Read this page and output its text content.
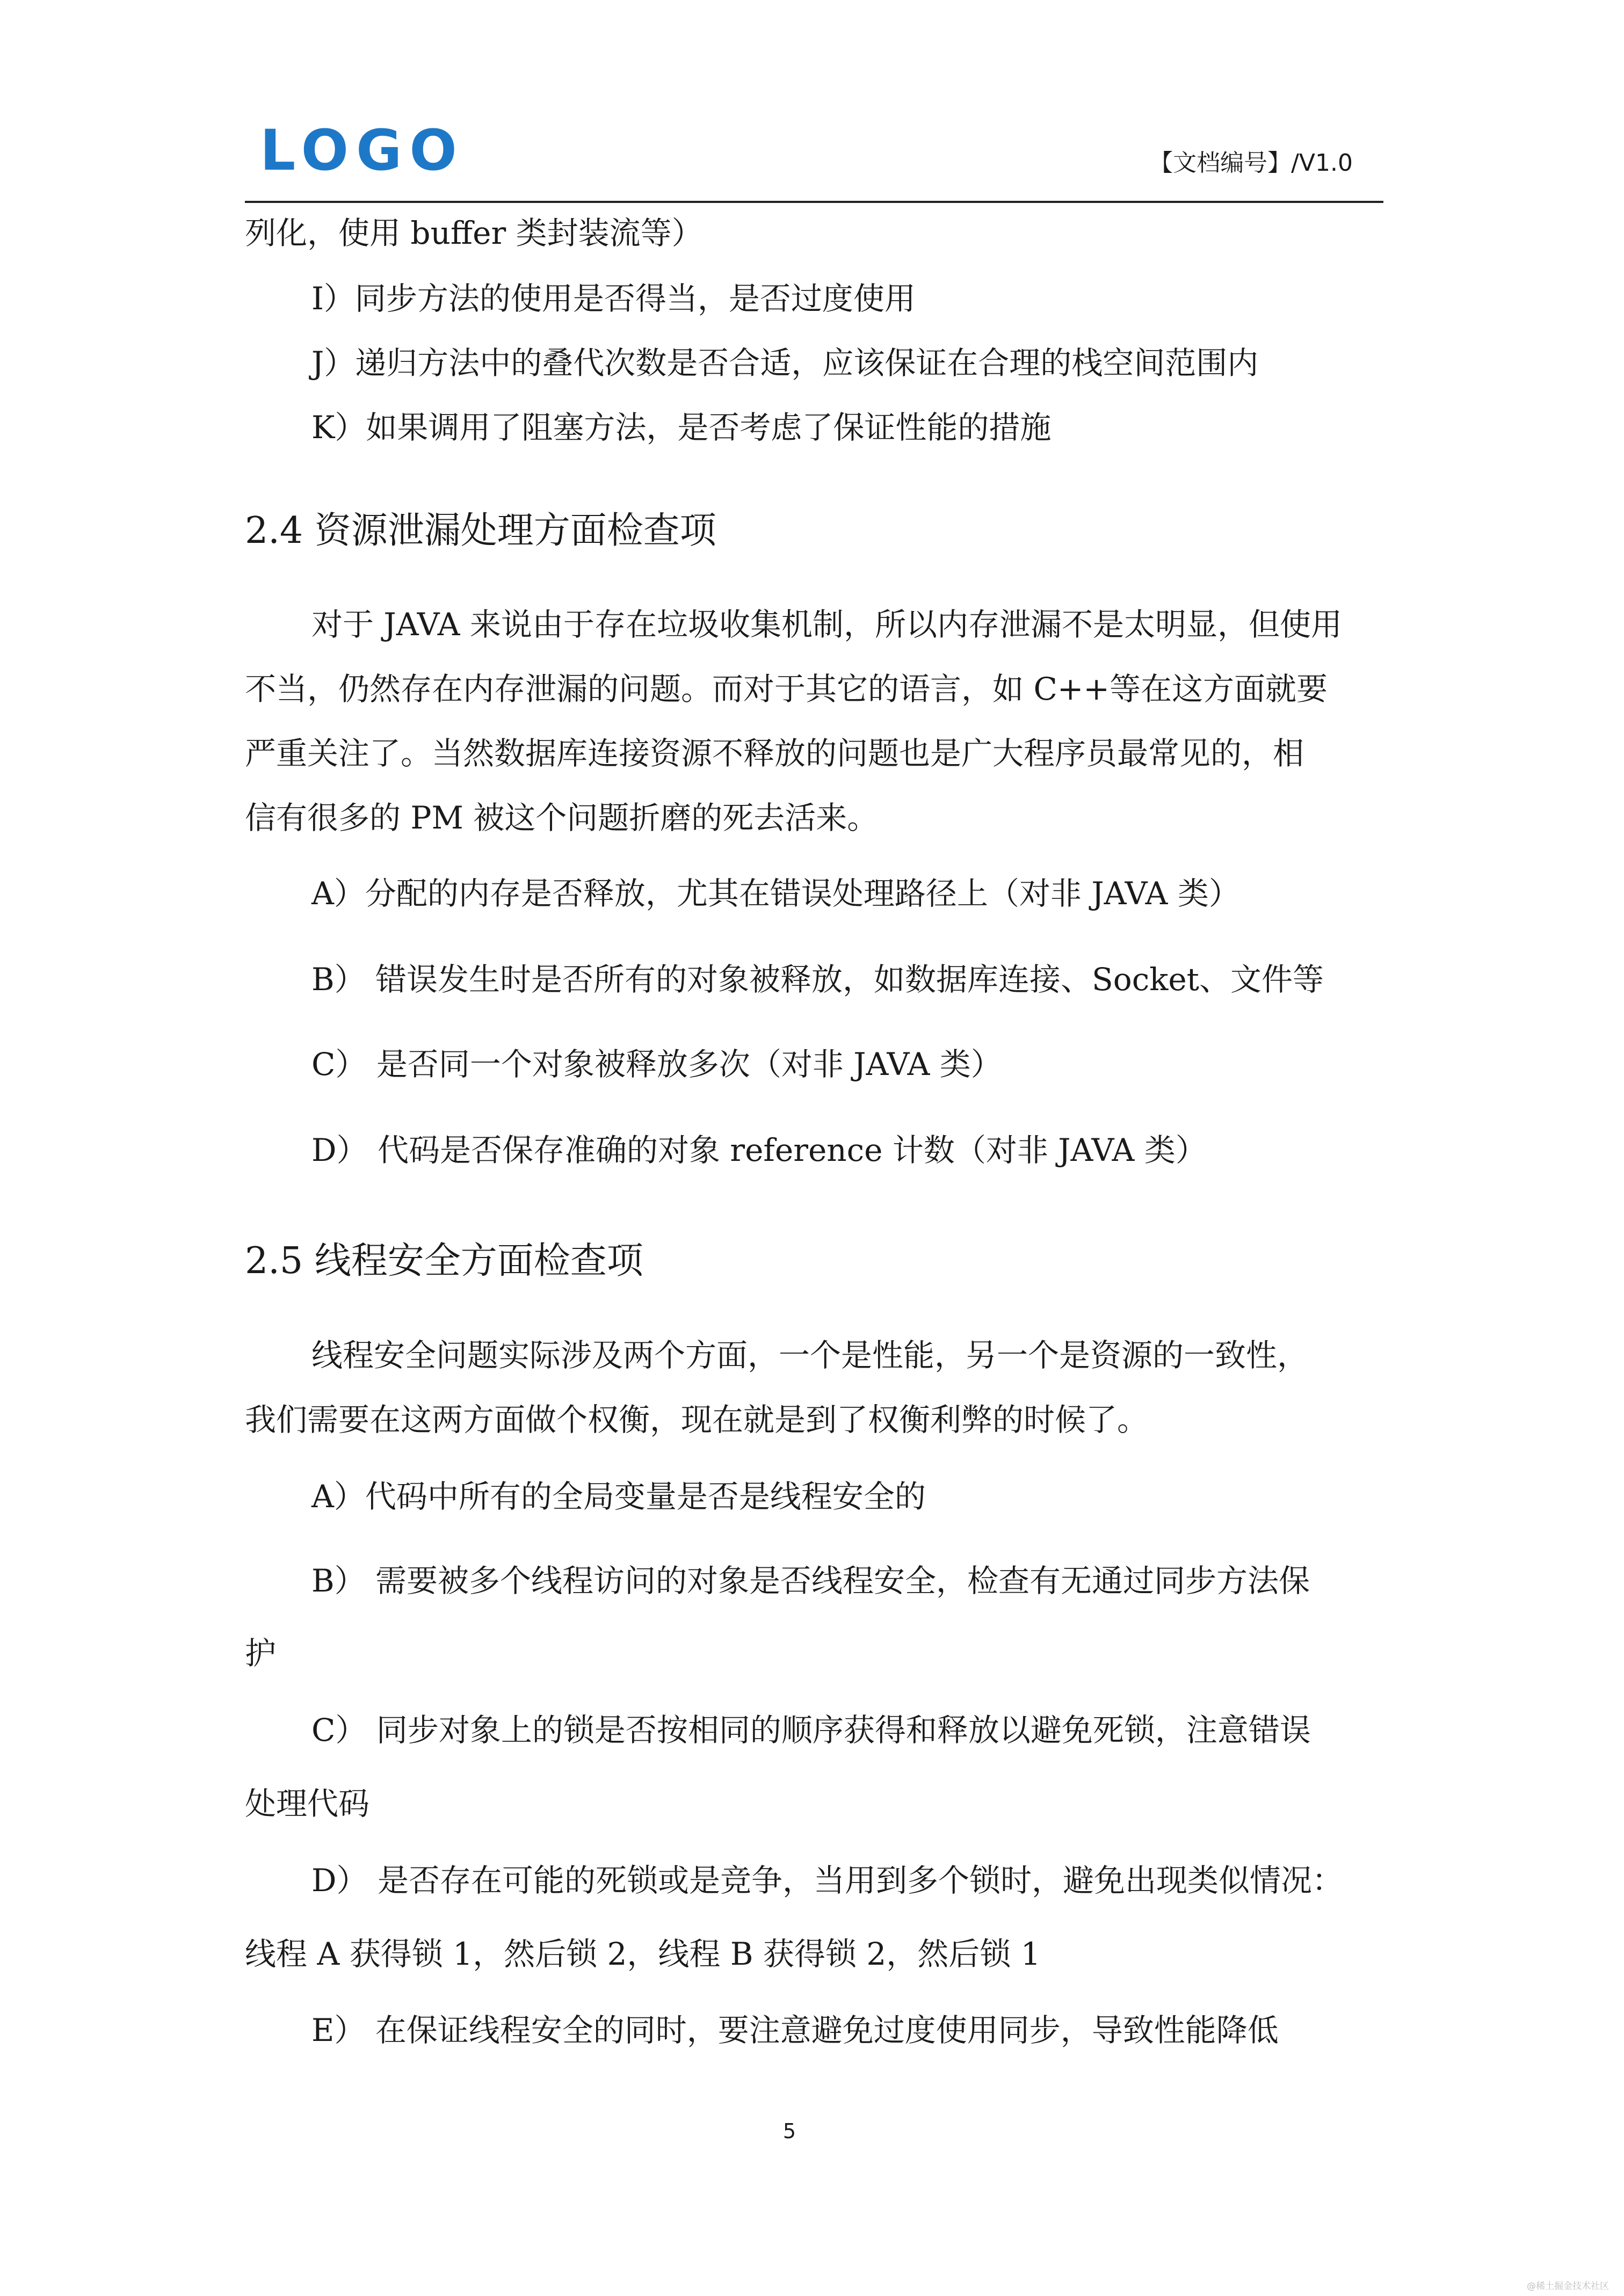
LOGO	【文档编号】/V1.0
列化，使用 buffer 类封装流等）
I）同步方法的使用是否得当，是否过度使用
J）递归方法中的叠代次数是否合适，应该保证在合理的栈空间范围内
K）如果调用了阻塞方法，是否考虑了保证性能的措施
2.4 资源泄漏处理方面检查项
对于 JAVA 来说由于存在垃圾收集机制，所以内存泄漏不是太明显，但使用
不当，仍然存在内存泄漏的问题。而对于其它的语言，如 C++等在这方面就要
严重关注了。当然数据库连接资源不释放的问题也是广大程序员最常见的，相
信有很多的 PM 被这个问题折磨的死去活来。
A）分配的内存是否释放，尤其在错误处理路径上（对非 JAVA 类）
B） 错误发生时是否所有的对象被释放，如数据库连接、Socket、文件等
C） 是否同一个对象被释放多次（对非 JAVA 类）
D） 代码是否保存准确的对象 reference 计数（对非 JAVA 类）
2.5 线程安全方面检查项
线程安全问题实际涉及两个方面，一个是性能，另一个是资源的一致性，
我们需要在这两方面做个权衡，现在就是到了权衡利弊的时候了。
A）代码中所有的全局变量是否是线程安全的
B） 需要被多个线程访问的对象是否线程安全，检查有无通过同步方法保
护
C） 同步对象上的锁是否按相同的顺序获得和释放以避免死锁，注意错误
处理代码
D） 是否存在可能的死锁或是竞争，当用到多个锁时，避免出现类似情况：
线程 A 获得锁 1，然后锁 2，线程 B 获得锁 2，然后锁 1
E） 在保证线程安全的同时，要注意避免过度使用同步，导致性能降低
5
@稀土掘金技术社区
